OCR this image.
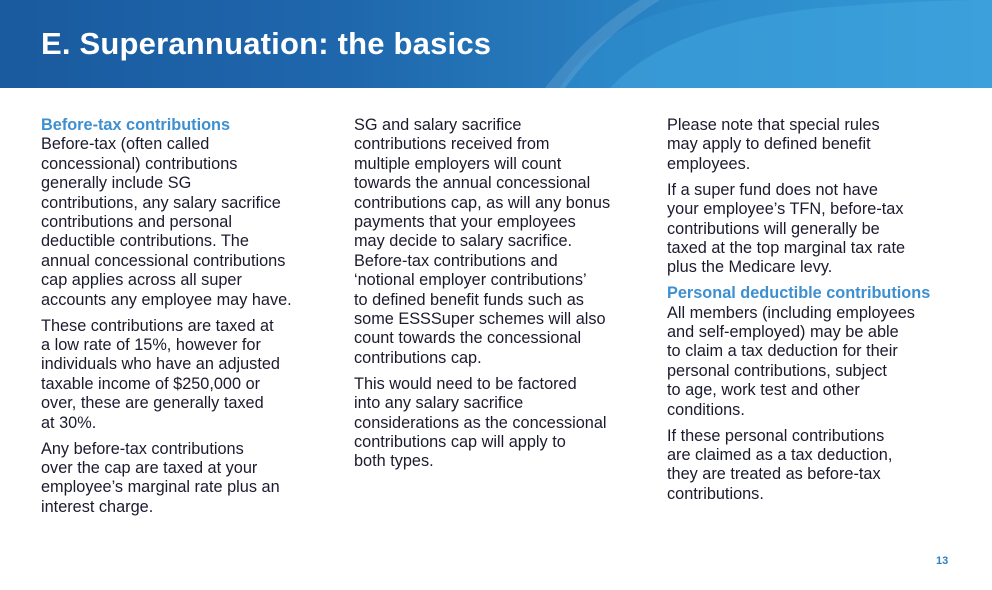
E. Superannuation: the basics
Before-tax contributions

Before-tax (often called
concessional) contributions
generally include SG
contributions, any salary sacrifice
contributions and personal
deductible contributions. The
annual concessional contributions
cap applies across all super
accounts any employee may have.

These contributions are taxed at
a low rate of 15%, however for
individuals who have an adjusted
taxable income of $250,000 or
over, these are generally taxed
at 30%.

Any before-tax contributions
over the cap are taxed at your
employee’s marginal rate plus an
interest charge.

SG and salary sacrifice
contributions received from
multiple employers will count
towards the annual concessional
contributions cap, as will any bonus
payments that your employees
may decide to salary sacrifice.
Before-tax contributions and
‘notional employer contributions’
to defined benefit funds such as
some ESSSuper schemes will also
count towards the concessional
contributions cap.

This would need to be factored
into any salary sacrifice
considerations as the concessional
contributions cap will apply to
both types.

Please note that special rules
may apply to defined benefit
employees.

If a super fund does not have
your employee’s TFN, before-tax
contributions will generally be
taxed at the top marginal tax rate
plus the Medicare levy.

Personal deductible contributions

All members (including employees
and self-employed) may be able
to claim a tax deduction for their
personal contributions, subject
to age, work test and other
conditions.

If these personal contributions
are claimed as a tax deduction,
they are treated as before-tax
contributions.

13
